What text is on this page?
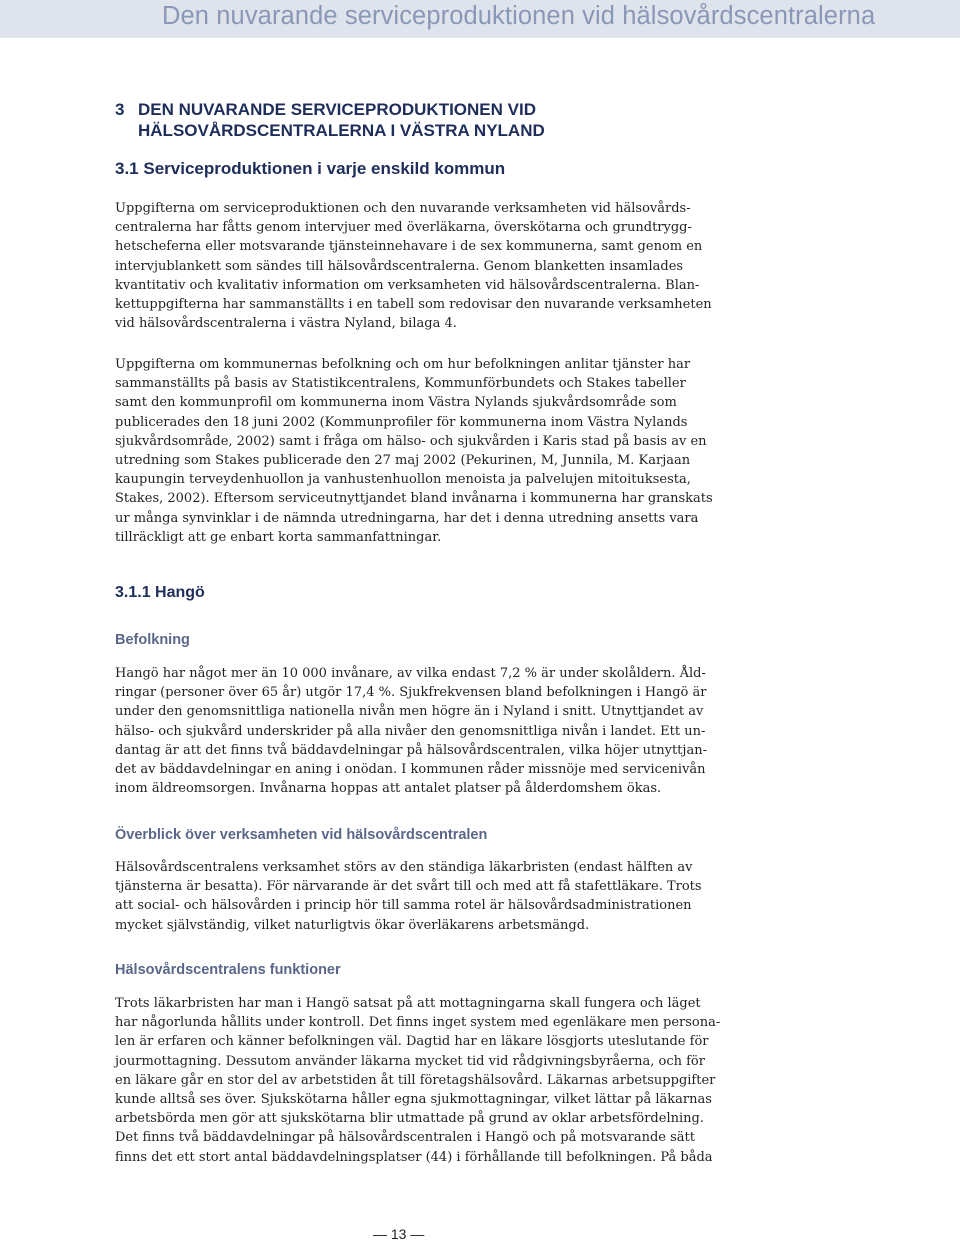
Den nuvarande serviceproduktionen vid hälsovårdscentralerna
3 DEN NUVARANDE SERVICEPRODUKTIONEN VID
HÄLSOVÅRDSCENTRALERNA I VÄSTRA NYLAND
3.1 Serviceproduktionen i varje enskild kommun
Uppgifterna om serviceproduktionen och den nuvarande verksamheten vid hälsovårds-
centralerna har fåtts genom intervjuer med överläkarna, överskötarna och grundtrygg-
hetscheferna eller motsvarande tjänsteinnehavare i de sex kommunerna, samt genom en
intervjublankett som sändes till hälsovårdscentralerna. Genom blanketten insamlades
kvantitativ och kvalitativ information om verksamheten vid hälsovårdscentralerna. Blan-
kettuppgifterna har sammanställts i en tabell som redovisar den nuvarande verksamheten
vid hälsovårdscentralerna i västra Nyland, bilaga 4.
Uppgifterna om kommunernas befolkning och om hur befolkningen anlitar tjänster har
sammanställts på basis av Statistikcentralens, Kommunförbundets och Stakes tabeller
samt den kommunprofil om kommunerna inom Västra Nylands sjukvårdsområde som
publicerades den 18 juni 2002 (Kommunprofiler för kommunerna inom Västra Nylands
sjukvårdsområde, 2002) samt i fråga om hälso- och sjukvården i Karis stad på basis av en
utredning som Stakes publicerade den 27 maj 2002 (Pekurinen, M, Junnila, M. Karjaan
kaupungin terveydenhuollon ja vanhustenhuollon menoista ja palvelujen mitoituksesta,
Stakes, 2002). Eftersom serviceutnyttjandet bland invånarna i kommunerna har granskats
ur många synvinklar i de nämnda utredningarna, har det i denna utredning ansetts vara
tillräckligt att ge enbart korta sammanfattningar.
3.1.1 Hangö
Befolkning
Hangö har något mer än 10 000 invånare, av vilka endast 7,2 % är under skolåldern. Åld-
ringar (personer över 65 år) utgör 17,4 %. Sjukfrekvensen bland befolkningen i Hangö är
under den genomsnittliga nationella nivån men högre än i Nyland i snitt. Utnyttjandet av
hälso- och sjukvård underskrider på alla nivåer den genomsnittliga nivån i landet. Ett un-
dantag är att det finns två bäddavdelningar på hälsovårdscentralen, vilka höjer utnyttjan-
det av bäddavdelningar en aning i onödan. I kommunen råder missnöje med servicenivån
inom äldreomsorgen. Invånarna hoppas att antalet platser på ålderdomshem ökas.
Överblick över verksamheten vid hälsovårdscentralen
Hälsovårdscentralens verksamhet störs av den ständiga läkarbristen (endast hälften av
tjänsterna är besatta). För närvarande är det svårt till och med att få stafettläkare. Trots
att social- och hälsovården i princip hör till samma rotel är hälsovårdsadministrationen
mycket självständig, vilket naturligtvis ökar överläkarens arbetsmängd.
Hälsovårdscentralens funktioner
Trots läkarbristen har man i Hangö satsat på att mottagningarna skall fungera och läget
har någorlunda hållits under kontroll. Det finns inget system med egenläkare men persona-
len är erfaren och känner befolkningen väl. Dagtid har en läkare lösgjorts uteslutande för
jourmottagning. Dessutom använder läkarna mycket tid vid rådgivningsbyråerna, och för
en läkare går en stor del av arbetstiden åt till företagshälsovård. Läkarnas arbetsuppgifter
kunde alltså ses över. Sjukskötarna håller egna sjukmottagningar, vilket lättar på läkarnas
arbetsbörda men gör att sjukskötarna blir utmattade på grund av oklar arbetsfördelning.
Det finns två bäddavdelningar på hälsovårdscentralen i Hangö och på motsvarande sätt
finns det ett stort antal bäddavdelningsplatser (44) i förhållande till befolkningen. På båda
— 13 —
